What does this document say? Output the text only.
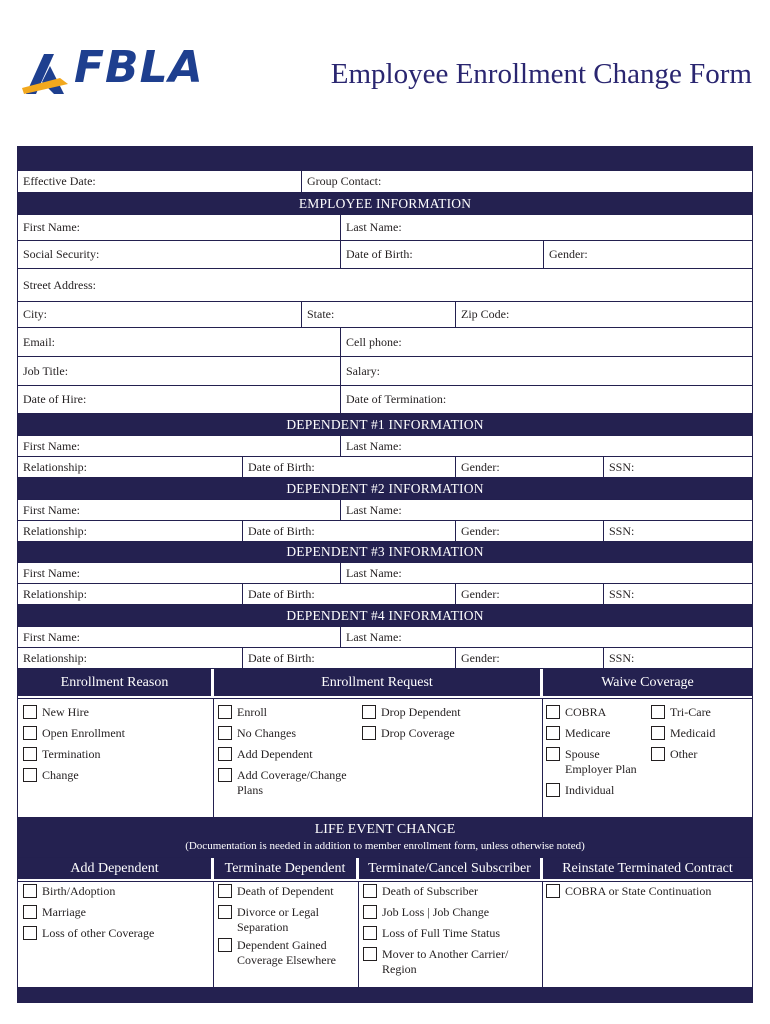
FBLA	Employee Enrollment Change Form
Effective Date:	Group Contact:
EMPLOYEE INFORMATION
First Name:	Last Name:
Social Security:	Date of Birth:	Gender:
Street Address:
City:	State:	Zip Code:
Email:	Cell phone:
Job Title:	Salary:
Date of Hire:	Date of Termination:
DEPENDENT #1 INFORMATION
First Name:	Last Name:
Relationship:	Date of Birth:	Gender:	SSN:
DEPENDENT #2 INFORMATION
First Name:	Last Name:
Relationship:	Date of Birth:	Gender:	SSN:
DEPENDENT #3 INFORMATION
First Name:	Last Name:
Relationship:	Date of Birth:	Gender:	SSN:
DEPENDENT #4 INFORMATION
First Name:	Last Name:
Relationship:	Date of Birth:	Gender:	SSN:
Enrollment Reason	Enrollment Request	Waive Coverage
New Hire
Open Enrollment
Termination
Change
Enroll
No Changes
Add Dependent
Add Coverage/Change
Plans
Drop Dependent
Drop Coverage
COBRA
Medicare
Spouse
Employer Plan
Individual
Tri-Care
Medicaid
Other
LIFE EVENT CHANGE
(Documentation is needed in addition to member enrollment form, unless otherwise noted)
Add Dependent	Terminate Dependent	Terminate/Cancel Subscriber	Reinstate Terminated Contract
Birth/Adoption
Marriage
Loss of other Coverage
Death of Dependent
Divorce or Legal
Separation
Dependent Gained
Coverage Elsewhere
Death of Subscriber
Job Loss | Job Change
Loss of Full Time Status
Mover to Another Carrier/
Region
COBRA or State Continuation
